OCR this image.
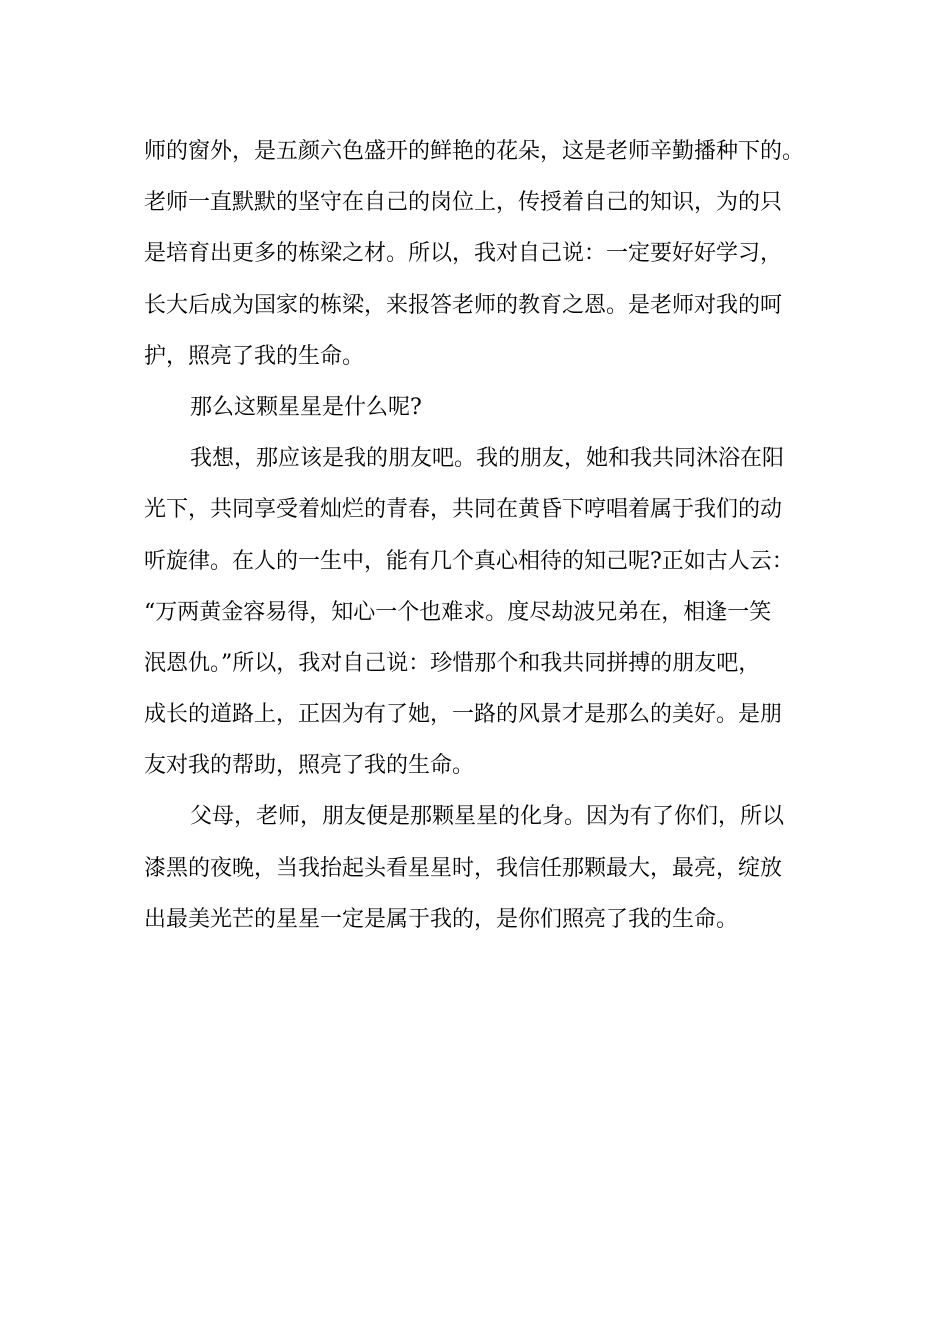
师的窗外，是五颜六色盛开的鲜艳的花朵，这是老师辛勤播种下的。
老师一直默默的坚守在自己的岗位上，传授着自己的知识，为的只
是培育出更多的栋梁之材。所以，我对自己说：一定要好好学习，
长大后成为国家的栋梁，来报答老师的教育之恩。是老师对我的呵
护，照亮了我的生命。
那么这颗星星是什么呢?
我想，那应该是我的朋友吧。我的朋友，她和我共同沐浴在阳
光下，共同享受着灿烂的青春，共同在黄昏下哼唱着属于我们的动
听旋律。在人的一生中，能有几个真心相待的知己呢?正如古人云：
“万两黄金容易得，知心一个也难求。度尽劫波兄弟在，相逢一笑
泯恩仇。”所以，我对自己说：珍惜那个和我共同拼搏的朋友吧，
成长的道路上，正因为有了她，一路的风景才是那么的美好。是朋
友对我的帮助，照亮了我的生命。
父母，老师，朋友便是那颗星星的化身。因为有了你们，所以
漆黑的夜晚，当我抬起头看星星时，我信任那颗最大，最亮，绽放
出最美光芒的星星一定是属于我的，是你们照亮了我的生命。
